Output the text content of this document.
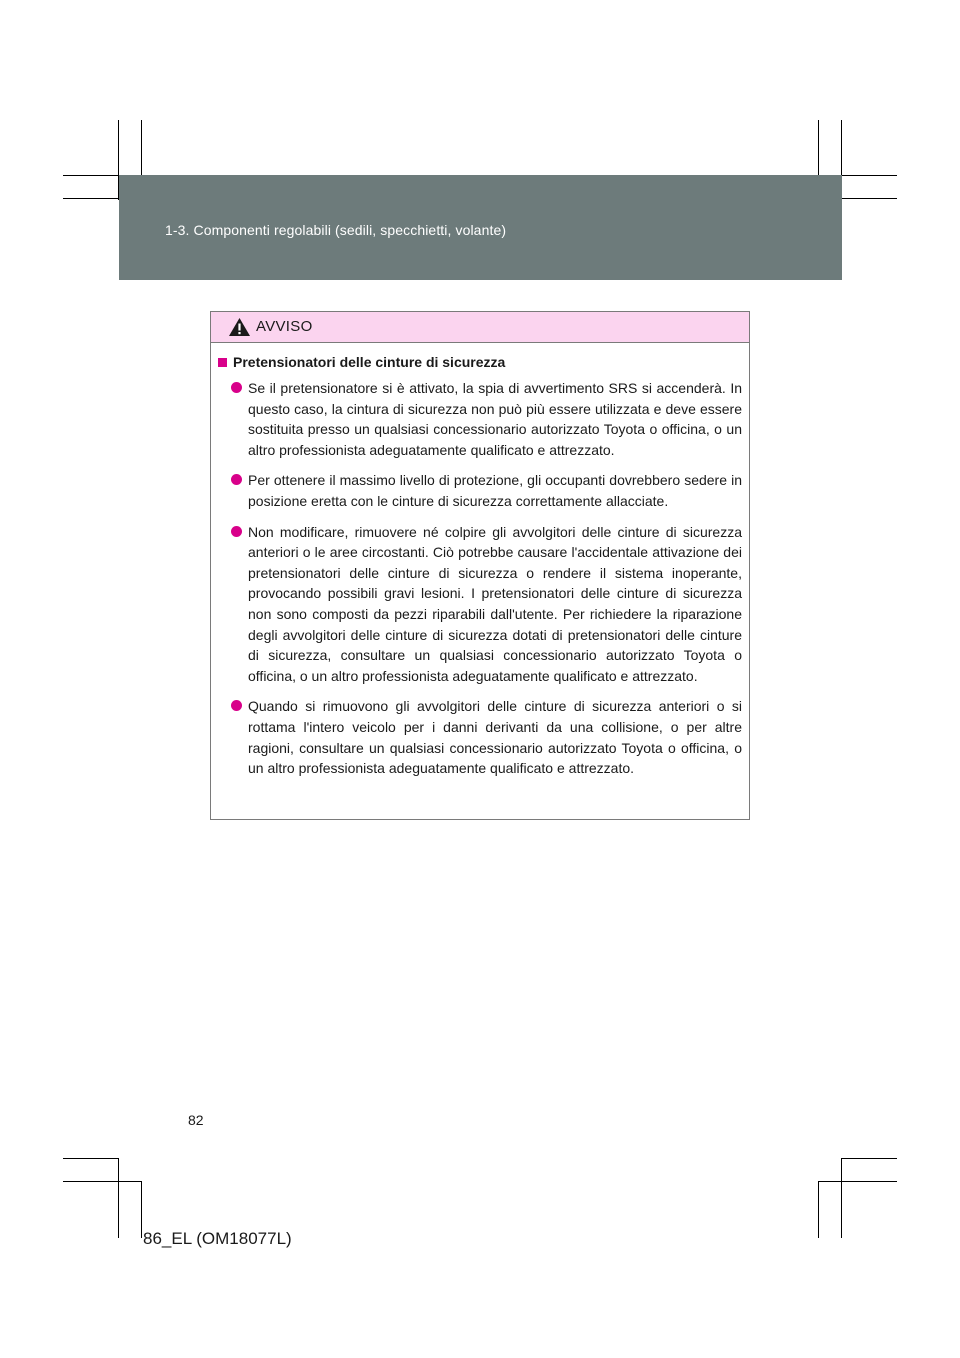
1-3. Componenti regolabili (sedili, specchietti, volante)
AVVISO
Pretensionatori delle cinture di sicurezza
Se il pretensionatore si è attivato, la spia di avvertimento SRS si accenderà. In questo caso, la cintura di sicurezza non può più essere utilizzata e deve essere sostituita presso un qualsiasi concessionario autorizzato Toyota o officina, o un altro professionista adeguatamente qualificato e attrezzato.
Per ottenere il massimo livello di protezione, gli occupanti dovrebbero sedere in posizione eretta con le cinture di sicurezza correttamente allacciate.
Non modificare, rimuovere né colpire gli avvolgitori delle cinture di sicurezza anteriori o le aree circostanti. Ciò potrebbe causare l'accidentale attivazione dei pretensionatori delle cinture di sicurezza o rendere il sistema inoperante, provocando possibili gravi lesioni. I pretensionatori delle cinture di sicurezza non sono composti da pezzi riparabili dall'utente. Per richiedere la riparazione degli avvolgitori delle cinture di sicurezza dotati di pretensionatori delle cinture di sicurezza, consultare un qualsiasi concessionario autorizzato Toyota o officina, o un altro professionista adeguatamente qualificato e attrezzato.
Quando si rimuovono gli avvolgitori delle cinture di sicurezza anteriori o si rottama l'intero veicolo per i danni derivanti da una collisione, o per altre ragioni, consultare un qualsiasi concessionario autorizzato Toyota o officina, o un altro professionista adeguatamente qualificato e attrezzato.
82
86_EL (OM18077L)
